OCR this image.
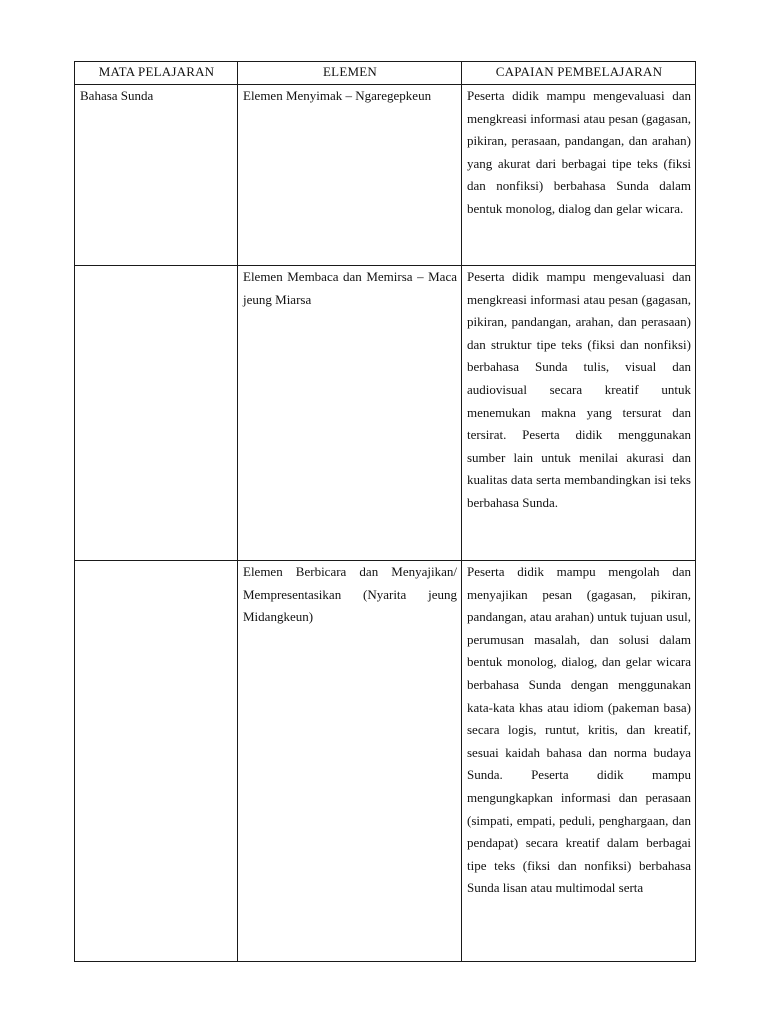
MATA PELAJARAN	ELEMEN	CAPAIAN PEMBELAJARAN

Bahasa Sunda	Elemen Menyimak – Ngaregepkeun	Peserta didik mampu mengevaluasi dan mengkreasi informasi atau pesan (gagasan, pikiran, perasaan, pandangan, dan arahan) yang akurat dari berbagai tipe teks (fiksi dan nonfiksi) berbahasa Sunda dalam bentuk monolog, dialog dan gelar wicara.

	Elemen Membaca dan Memirsa – Maca jeung Miarsa	Peserta didik mampu mengevaluasi dan mengkreasi informasi atau pesan (gagasan, pikiran, pandangan, arahan, dan perasaan) dan struktur tipe teks (fiksi dan nonfiksi) berbahasa Sunda tulis, visual dan audiovisual secara kreatif untuk menemukan makna yang tersurat dan tersirat. Peserta didik menggunakan sumber lain untuk menilai akurasi dan kualitas data serta membandingkan isi teks berbahasa Sunda.

	Elemen Berbicara dan Menyajikan/ Mempresentasikan (Nyarita jeung Midangkeun)	Peserta didik mampu mengolah dan menyajikan pesan (gagasan, pikiran, pandangan, atau arahan) untuk tujuan usul, perumusan masalah, dan solusi dalam bentuk monolog, dialog, dan gelar wicara berbahasa Sunda dengan menggunakan kata-kata khas atau idiom (pakeman basa) secara logis, runtut, kritis, dan kreatif, sesuai kaidah bahasa dan norma budaya Sunda. Peserta didik mampu mengungkapkan informasi dan perasaan (simpati, empati, peduli, penghargaan, dan pendapat) secara kreatif dalam berbagai tipe teks (fiksi dan nonfiksi) berbahasa Sunda lisan atau multimodal serta
